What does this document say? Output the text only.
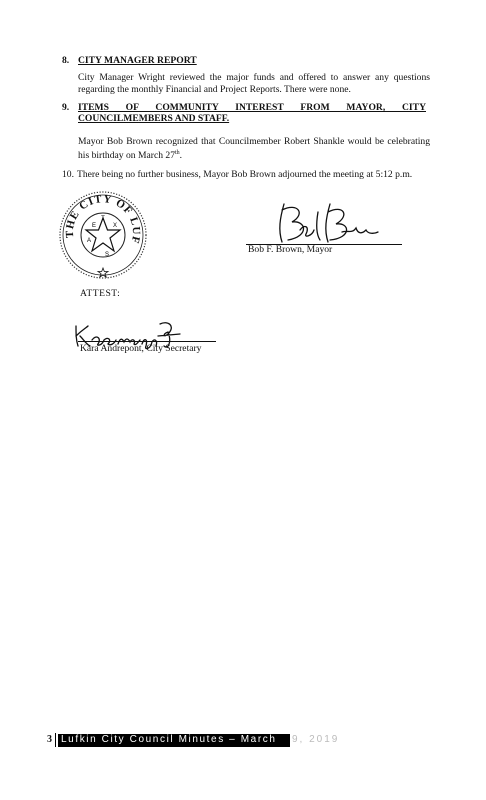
8. CITY MANAGER REPORT
City Manager Wright reviewed the major funds and offered to answer any questions regarding the monthly Financial and Project Reports. There were none.
9. ITEMS OF COMMUNITY INTEREST FROM MAYOR, CITY
COUNCILMEMBERS AND STAFF.
Mayor Bob Brown recognized that Councilmember Robert Shankle would be celebrating his birthday on March 27th.
10. There being no further business, Mayor Bob Brown adjourned the meeting at 5:12 p.m.
THE CITY OF LUF
T
E	X
A
S	Bob F. Brown, Mayor
ATTEST:
Kara Andrepont, City Secretary
3 Lufkin City Council Minutes – March 9, 2019
